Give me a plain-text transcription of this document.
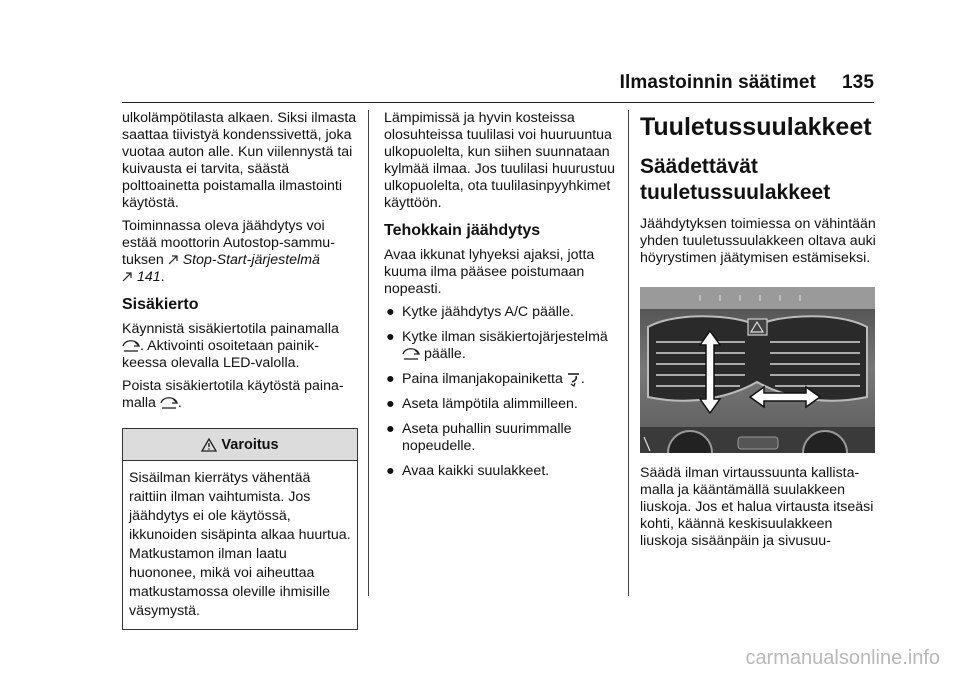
Ilmastoinnin säätimet 135

ulkolämpötilasta alkaen. Siksi ilmasta saattaa tiivistyä kondenssivettä, joka vuotaa auton alle. Kun viilennystä tai kuivausta ei tarvita, säästä polttoainetta poistamalla ilmastointi käytöstä.

Toiminnassa oleva jäähdytys voi estää moottorin Autostop-sammutuksen Stop-Start-järjestelmä
141.

Sisäkierto

Käynnistä sisäkiertotila painamalla
. Aktivointi osoitetaan painikkeessa olevalla LED-valolla.

Poista sisäkiertotila käytöstä painamalla .

Varoitus
Sisäilman kierrätys vähentää raittiin ilman vaihtumista. Jos jäähdytys ei ole käytössä, ikkunoiden sisäpinta alkaa huurtua. Matkustamon ilman laatu huononee, mikä voi aiheuttaa matkustamossa oleville ihmisille väsymystä.

Lämpimissä ja hyvin kosteissa olosuhteissa tuulilasi voi huuruuntua ulkopuolelta, kun siihen suunnataan kylmää ilmaa. Jos tuulilasi huurustuu ulkopuolelta, ota tuulilasinpyyhkimet käyttöön.

Tehokkain jäähdytys

Avaa ikkunat lyhyeksi ajaksi, jotta kuuma ilma pääsee poistumaan nopeasti.

● Kytke jäähdytys A/C päälle.
● Kytke ilman sisäkiertojärjestelmä
päälle.
● Paina ilmanjakopainiketta .
● Aseta lämpötila alimmilleen.
● Aseta puhallin suurimmalle nopeudelle.
● Avaa kaikki suulakkeet.
Tuuletussuulakkeet
Säädettävät tuuletussuulakkeet

Jäähdytyksen toimiessa on vähintään yhden tuuletussuulakkeen oltava auki höyrystimen jäätymisen estämiseksi.

Säädä ilman virtaussuunta kallistamalla ja kääntämällä suulakkeen liuskoja. Jos et halua virtausta itseäsi kohti, käännä keskisuulakkeen liuskoja sisäänpäin ja sivusuu-

carmanualsonline.info
